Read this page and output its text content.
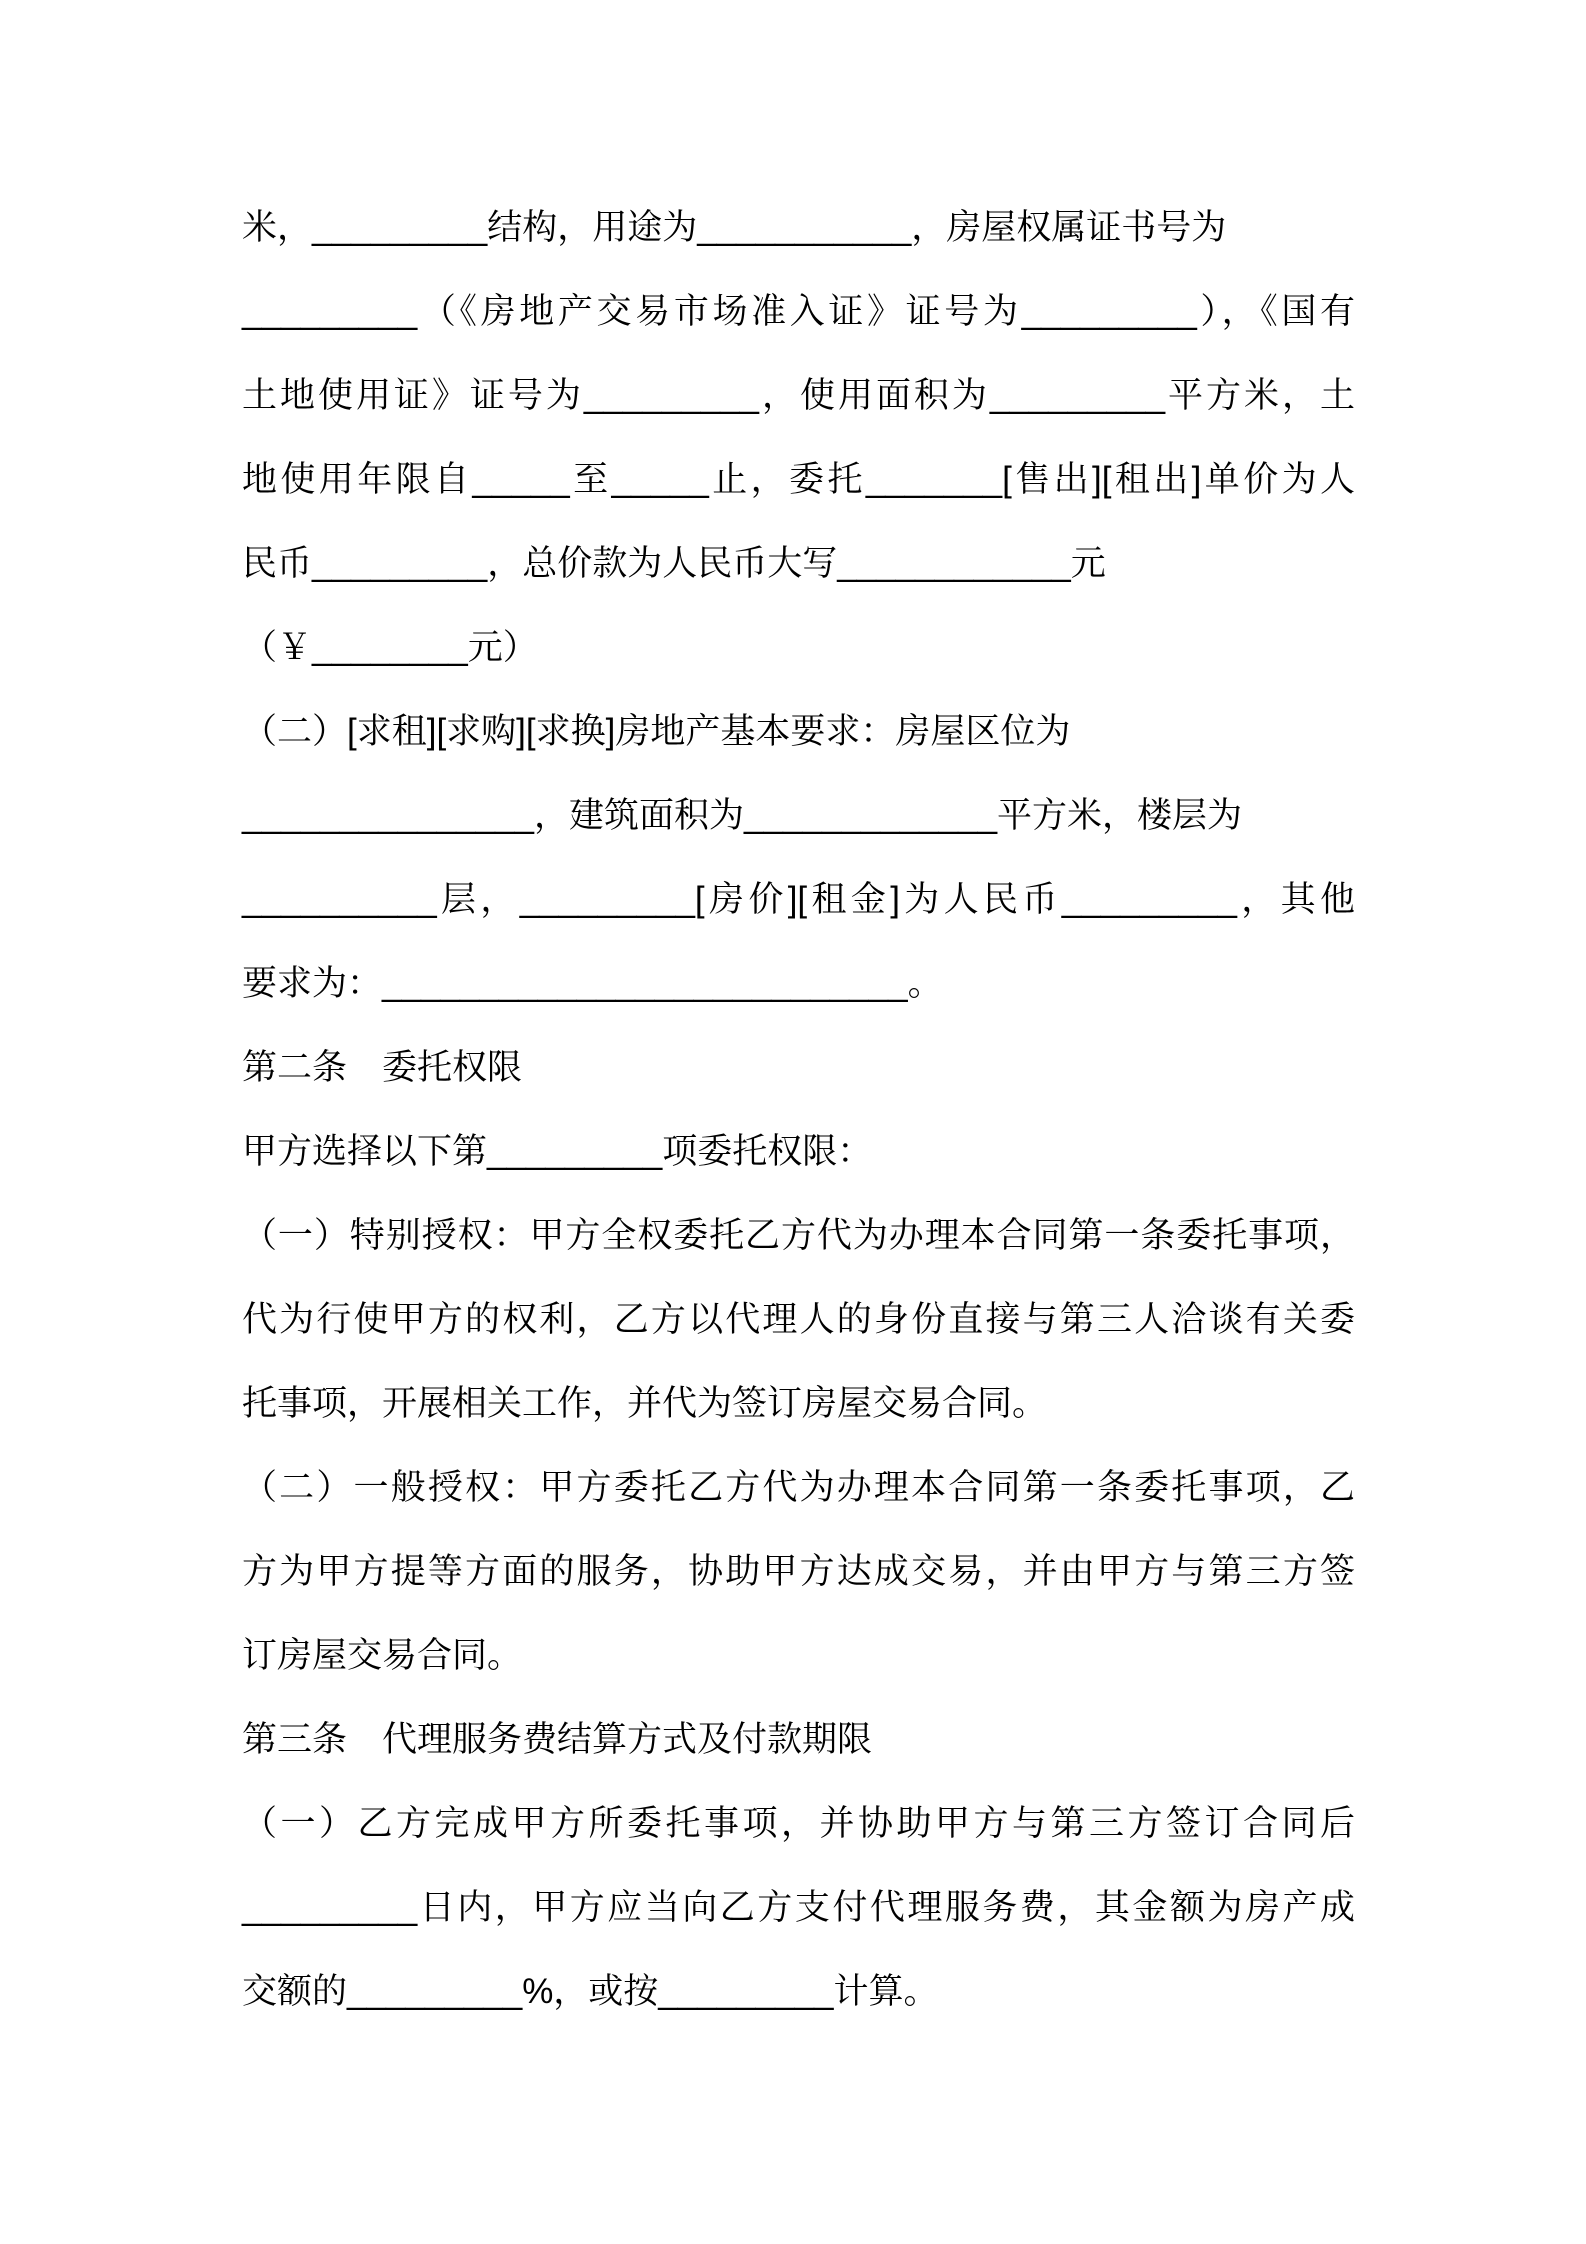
米，_________结构，用途为___________，房屋权属证书号为
_________（《房地产交易市场准入证》证号为_________），《国有
土地使用证》证号为_________，使用面积为_________平方米，土
地使用年限自_____至_____止，委托_______[售出][租出]单价为人
民币_________，总价款为人民币大写____________元
（￥________元）
（二）[求租][求购][求换]房地产基本要求：房屋区位为
_______________，建筑面积为_____________平方米，楼层为
__________层，_________[房价][租金]为人民币_________，其他
要求为：___________________________。
第二条　委托权限
甲方选择以下第_________项委托权限：
（一）特别授权：甲方全权委托乙方代为办理本合同第一条委托事项，
代为行使甲方的权利，乙方以代理人的身份直接与第三人洽谈有关委
托事项，开展相关工作，并代为签订房屋交易合同。
（二）一般授权：甲方委托乙方代为办理本合同第一条委托事项，乙
方为甲方提等方面的服务，协助甲方达成交易，并由甲方与第三方签
订房屋交易合同。
第三条　代理服务费结算方式及付款期限
（一）乙方完成甲方所委托事项，并协助甲方与第三方签订合同后
_________日内，甲方应当向乙方支付代理服务费，其金额为房产成
交额的_________%，或按_________计算。
